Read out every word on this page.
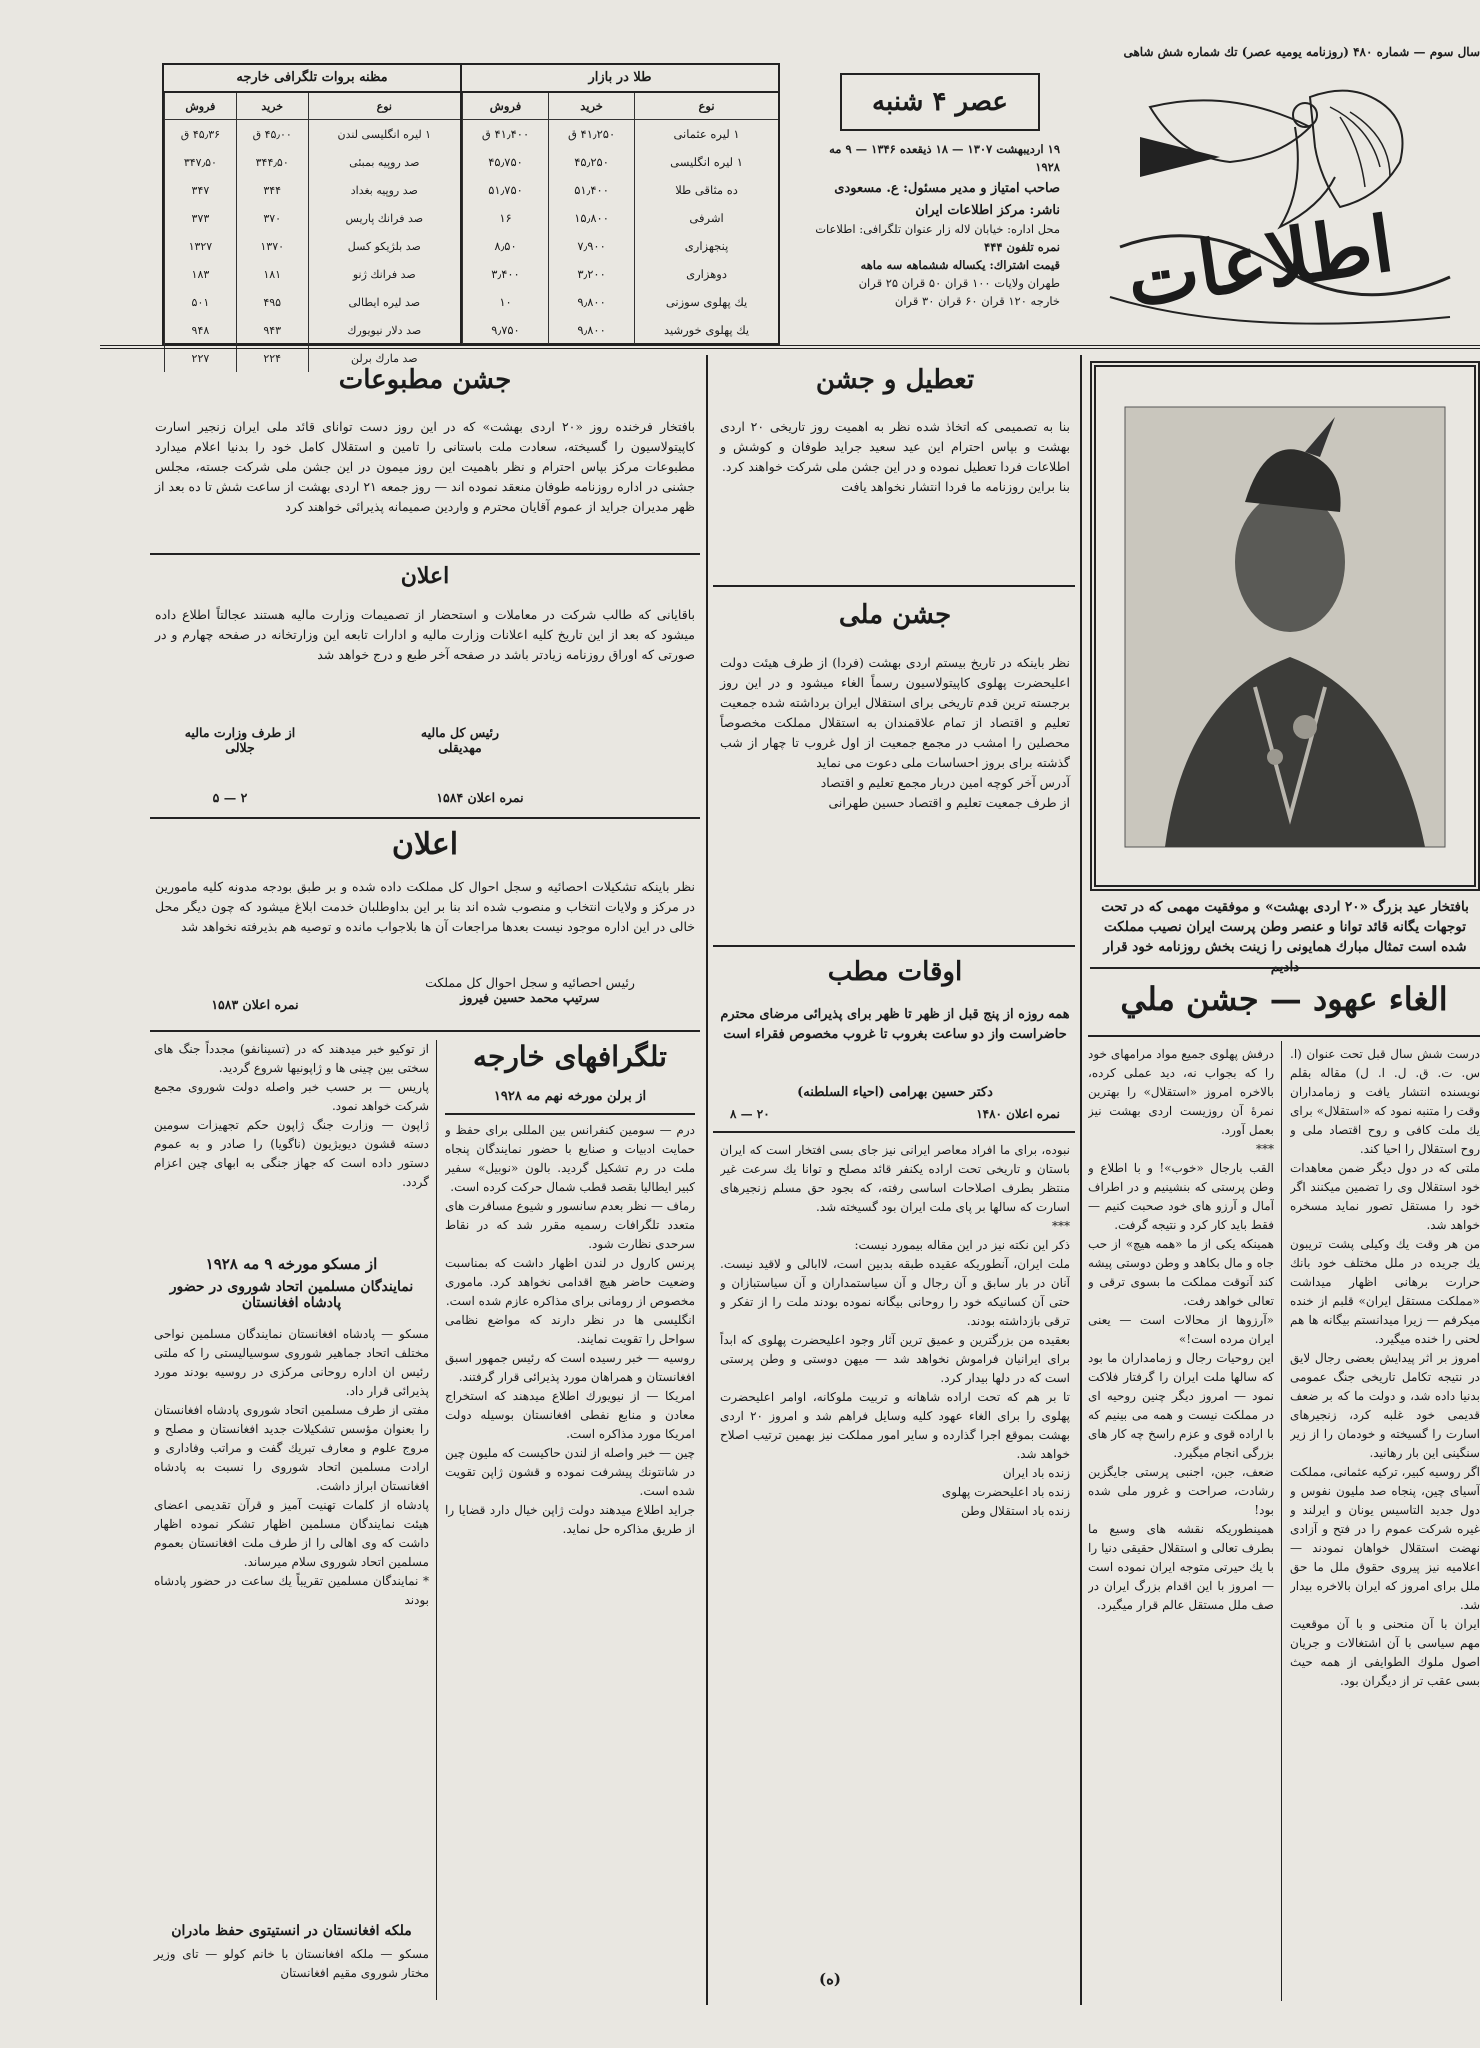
سال سوم — شماره ۴۸۰ (روزنامه یومیه عصر) تك شماره شش شاهی
اطلاعات
عصر ۴ شنبه
۱۹ اردیبهشت ۱۳۰۷ — ۱۸ ذیقعده ۱۳۴۶ — ۹ مه ۱۹۲۸
صاحب امتیاز و مدیر مسئول: ع. مسعودی
ناشر: مرکز اطلاعات ایران
محل اداره: خیابان لاله زار عنوان تلگرافی: اطلاعات
نمره تلفون ۴۴۴
قیمت اشتراك: یکساله ششماهه سه ماهه
طهران ولایات ۱۰۰ قران ۵۰ قران ۲۵ قران
خارجه ۱۲۰ قران ۶۰ قران ۳۰ قران
طلا در بازار
نوع	خرید	فروش
۱ لیره عثمانی	۴۱٫۲۵۰ ق	۴۱٫۴۰۰ ق
۱ لیره انگلیسی	۴۵٫۲۵۰	۴۵٫۷۵۰
ده مثاقی طلا	۵۱٫۴۰۰	۵۱٫۷۵۰
اشرفی	۱۵٫۸۰۰	۱۶
پنجهزاری	۷٫۹۰۰	۸٫۵۰
دوهزاری	۳٫۲۰۰	۳٫۴۰۰
یك پهلوی سوزنی	۹٫۸۰۰	۱۰
یك پهلوی خورشید	۹٫۸۰۰	۹٫۷۵۰
مظنه بروات تلگرافی خارجه
نوع	خرید	فروش
۱ لیره انگلیسی لندن	۴۵٫۰۰ ق	۴۵٫۳۶ ق
صد روپیه بمبئی	۳۴۴٫۵۰	۳۴۷٫۵۰
صد روپیه بغداد	۳۴۴	۳۴۷
صد فرانك پاریس	۳۷۰	۳۷۳
صد بلژیکو کسل	۱۳۷۰	۱۳۲۷
صد فرانك ژنو	۱۸۱	۱۸۳
صد لیره ایطالی	۴۹۵	۵۰۱
صد دلار نیویورك	۹۴۳	۹۴۸
صد مارك برلن	۲۲۴	۲۲۷
بافتخار عید بزرگ «۲۰ اردی بهشت» و موفقیت مهمی که در تحت توجهات یگانه قائد توانا و عنصر وطن پرست ایران نصیب مملکت شده است تمثال مبارك همایونی را زینت بخش روزنامه خود قرار دادیم
تعطیل و جشن
بنا به تصمیمی که اتخاذ شده نظر به اهمیت روز تاریخی ۲۰ اردی بهشت و بپاس احترام این عید سعید جراید طوفان و کوشش و اطلاعات فردا تعطیل نموده و در این جشن ملی شرکت خواهند کرد.
بنا براین روزنامه ما فردا انتشار نخواهد یافت
جشن ملی
نظر باینکه در تاریخ بیستم اردی بهشت (فردا) از طرف هیئت دولت اعلیحضرت پهلوی کاپیتولاسیون رسماً الغاء میشود و در این روز برجسته ترین قدم تاریخی برای استقلال ایران برداشته شده جمعیت تعلیم و اقتصاد از تمام علاقمندان به استقلال مملکت مخصوصاً محصلین را امشب در مجمع جمعیت از اول غروب تا چهار از شب گذشته برای بروز احساسات ملی دعوت می نماید
آدرس آخر کوچه امین دربار مجمع تعلیم و اقتصاد
از طرف جمعیت تعلیم و اقتصاد حسین طهرانی
اوقات مطب
همه روزه از پنج قبل از ظهر تا ظهر برای پذیرائی مرضای محترم حاضراست واز دو ساعت بغروب تا غروب مخصوص فقراء است
دکتر حسین بهرامی (احیاء السلطنه)
نمره اعلان ۱۴۸۰
۸ — ۲۰
جشن مطبوعات
بافتخار فرخنده روز «۲۰ اردی بهشت» که در این روز دست توانای قائد ملی ایران زنجیر اسارت کاپیتولاسیون را گسیخته، سعادت ملت باستانی را تامین و استقلال کامل خود را بدنیا اعلام میدارد مطبوعات مرکز بپاس احترام و نظر باهمیت این روز میمون در این جشن ملی شرکت جسته، مجلس جشنی در اداره روزنامه طوفان منعقد نموده اند — روز جمعه ۲۱ اردی بهشت از ساعت شش تا ده بعد از ظهر مدیران جراید از عموم آقایان محترم و واردین صمیمانه پذیرائی خواهند کرد
اعلان
باقایانی که طالب شرکت در معاملات و استحضار از تصمیمات وزارت مالیه هستند عجالتاً اطلاع داده میشود که بعد از این تاریخ کلیه اعلانات وزارت مالیه و ادارات تابعه این وزارتخانه در صفحه چهارم و در صورتی که اوراق روزنامه زیادتر باشد در صفحه آخر طبع و درج خواهد شد
رئیس کل مالیه
مهدیقلی
از طرف وزارت مالیه
جلالی
نمره اعلان ۱۵۸۴
۲ — ۵
اعلان
نظر باینکه تشکیلات احصائیه و سجل احوال کل مملکت داده شده و بر طبق بودجه مدونه کلیه مامورین در مرکز و ولایات انتخاب و منصوب شده اند بنا بر این بداوطلبان خدمت ابلاغ میشود که چون دیگر محل خالی در این اداره موجود نیست بعدها مراجعات آن ها بلاجواب مانده و توصیه هم بذیرفته نخواهد شد
رئیس احصائیه و سجل احوال کل مملکت
سرتیپ محمد حسین فیروز
نمره اعلان ۱۵۸۳	الغاء عهود — جشن ملي
درست شش سال قبل تحت عنوان (ا. س. ت. ق. ل. ا. ل) مقاله بقلم نویسنده انتشار یافت و زمامداران وقت را متنبه نمود که «استقلال» برای یك ملت کافی و روح اقتصاد ملی و روح استقلال را احیا کند.
ملتی که در دول دیگر ضمن معاهدات خود استقلال وی را تضمین میکنند اگر خود را مستقل تصور نماید مسخره خواهد شد.
من هر وقت یك وکیلی پشت تریبون یك جریده در ملل مختلف خود بانك حرارت برهانی اظهار میداشت «مملکت مستقل ایران» قلبم از خنده میکرفم — زیرا میدانستم بیگانه ها هم لحنی را خنده میگیرد.
امروز بر اثر پیدایش بعضی رجال لایق در نتیجه تکامل تاریخی جنگ عمومی بدنیا داده شد، و دولت ما که بر ضعف قدیمی خود غلبه کرد، زنجیرهای اسارت را گسیخته و خودمان را از زیر سنگینی این بار رهانید.
اگر روسیه کبیر، ترکیه عثمانی، مملکت آسیای چین، پنجاه صد ملیون نفوس و دول جدید التاسیس یونان و ایرلند و غیره شرکت عموم را در فتح و آزادی نهضت استقلال خواهان نمودند — اعلامیه نیز پیروی حقوق ملل ما حق ملل برای امروز که ایران بالاخره بیدار شد.
ایران با آن منحنی و با آن موقعیت مهم سیاسی با آن اشتغالات و جریان اصول ملوك الطوایفی از همه حیث بسی عقب تر از دیگران بود.
درفش پهلوی جمیع مواد مرامهای خود را که بجواب نه، دید عملی کرده، بالاخره امروز «استقلال» را بهترین نمرۀ آن روزیست اردی بهشت نیز بعمل آورد.
***
القب بارجال «خوب»! و با اطلاع و وطن پرستی که بنشینیم و در اطراف آمال و آرزو های خود صحبت کنیم — فقط باید کار کرد و نتیجه گرفت.
همینکه یکی از ما «همه هیچ» از حب جاه و مال بکاهد و وطن دوستی پیشه کند آنوقت مملکت ما بسوی ترقی و تعالی خواهد رفت.
«آرزوها از محالات است — یعنی ایران مرده است!»
این روحیات رجال و زمامداران ما بود که سالها ملت ایران را گرفتار فلاکت نمود — امروز دیگر چنین روحیه ای در مملکت نیست و همه می بینیم که با اراده قوی و عزم راسخ چه کار های بزرگی انجام میگیرد.
ضعف، جبن، اجنبی پرستی جایگزین رشادت، صراحت و غرور ملی شده بود!
همینطوریکه نقشه های وسیع ما بطرف تعالی و استقلال حقیقی دنیا را با یك حیرتی متوجه ایران نموده است — امروز با این اقدام بزرگ ایران در صف ملل مستقل عالم قرار میگیرد.
نبوده، برای ما افراد معاصر ایرانی نیز جای بسی افتخار است که ایران باستان و تاریخی تحت اراده یکنفر قائد مصلح و توانا یك سرعت غیر منتظر بطرف اصلاحات اساسی رفته، که بجود حق مسلم زنجیرهای اسارت که سالها بر پای ملت ایران بود گسیخته شد.
***
ذکر این نکته نیز در این مقاله بیمورد نیست:
ملت ایران، آنطوریکه عقیده طبقه بدبین است، لاابالی و لاقید نیست. آنان در بار سابق و آن رجال و آن سیاستمداران و آن سیاستبازان و حتی آن کسانیکه خود را روحانی بیگانه نموده بودند ملت را از تفکر و ترقی بازداشته بودند.
بعقیده من بزرگترین و عمیق ترین آثار وجود اعلیحضرت پهلوی که ابداً برای ایرانیان فراموش نخواهد شد — میهن دوستی و وطن پرستی است که در دلها بیدار کرد.
تا بر هم که تحت اراده شاهانه و تربیت ملوکانه، اوامر اعلیحضرت پهلوی را برای الغاء عهود کلیه وسایل فراهم شد و امروز ۲۰ اردی بهشت بموقع اجرا گذارده و سایر امور مملکت نیز بهمین ترتیب اصلاح خواهد شد.
زنده باد ایران
زنده باد اعلیحضرت پهلوی
زنده باد استقلال وطن
(ه)
تلگرافهای خارجه
از برلن مورخه نهم مه ۱۹۲۸
درم — سومین کنفرانس بین المللی برای حفظ و حمایت ادبیات و صنایع با حضور نمایندگان پنجاه ملت در رم تشکیل گردید. بالون «نوبیل» سفیر کبیر ایطالیا بقصد قطب شمال حرکت کرده است.
رماف — نظر بعدم سانسور و شیوع مسافرت های متعدد تلگرافات رسمیه مقرر شد که در نقاط سرحدی نظارت شود.
پرنس کارول در لندن اظهار داشت که بمناسبت وضعیت حاضر هیچ اقدامی نخواهد کرد. ماموری مخصوص از رومانی برای مذاکره عازم شده است.
انگلیسی ها در نظر دارند که مواضع نظامی سواحل را تقویت نمایند.
روسیه — خبر رسیده است که رئیس جمهور اسبق افغانستان و همراهان مورد پذیرائی قرار گرفتند.
امریکا — از نیویورك اطلاع میدهند که استخراج معادن و منابع نفطی افغانستان بوسیله دولت امریکا مورد مذاکره است.
چین — خبر واصله از لندن حاکیست که ملیون چین در شانتونك پیشرفت نموده و قشون ژاپن تقویت شده است.
جراید اطلاع میدهند دولت ژاپن خیال دارد قضایا را از طریق مذاکره حل نماید.
از توکیو خبر میدهند که در (تسینانفو) مجدداً جنگ های سختی بین چینی ها و ژاپونیها شروع گردید.
پاریس — بر حسب خبر واصله دولت شوروی مجمع شرکت خواهد نمود.
ژاپون — وزارت جنگ ژاپون حکم تجهیزات سومین دسته قشون دیویژیون (ناگویا) را صادر و به عموم دستور داده است که جهاز جنگی به ابهای چین اعزام گردد.
از مسکو مورخه ۹ مه ۱۹۲۸
نمایندگان مسلمین اتحاد شوروی در حضور پادشاه افغانستان
مسکو — پادشاه افغانستان نمایندگان مسلمین نواحی مختلف اتحاد جماهیر شوروی سوسیالیستی را که ملتی رئیس ان اداره روحانی مرکزی در روسیه بودند مورد پذیرائی قرار داد.
مفتی از طرف مسلمین اتحاد شوروی پادشاه افغانستان را بعنوان مؤسس تشکیلات جدید افغانستان و مصلح و مروج علوم و معارف تبریك گفت و مراتب وفاداری و ارادت مسلمین اتحاد شوروی را نسبت به پادشاه افغانستان ابراز داشت.
پادشاه از کلمات تهنیت آمیز و قرآن تقدیمی اعضای هیئت نمایندگان مسلمین اظهار تشکر نموده اظهار داشت که وی اهالی را از طرف ملت افغانستان بعموم مسلمین اتحاد شوروی سلام میرساند.
* نمایندگان مسلمین تقریباً یك ساعت در حضور پادشاه بودند
ملکه افغانستان در انستیتوی حفظ مادران
مسکو — ملکه افغانستان با خانم کولو — تای وزیر مختار شوروی مقیم افغانستان
